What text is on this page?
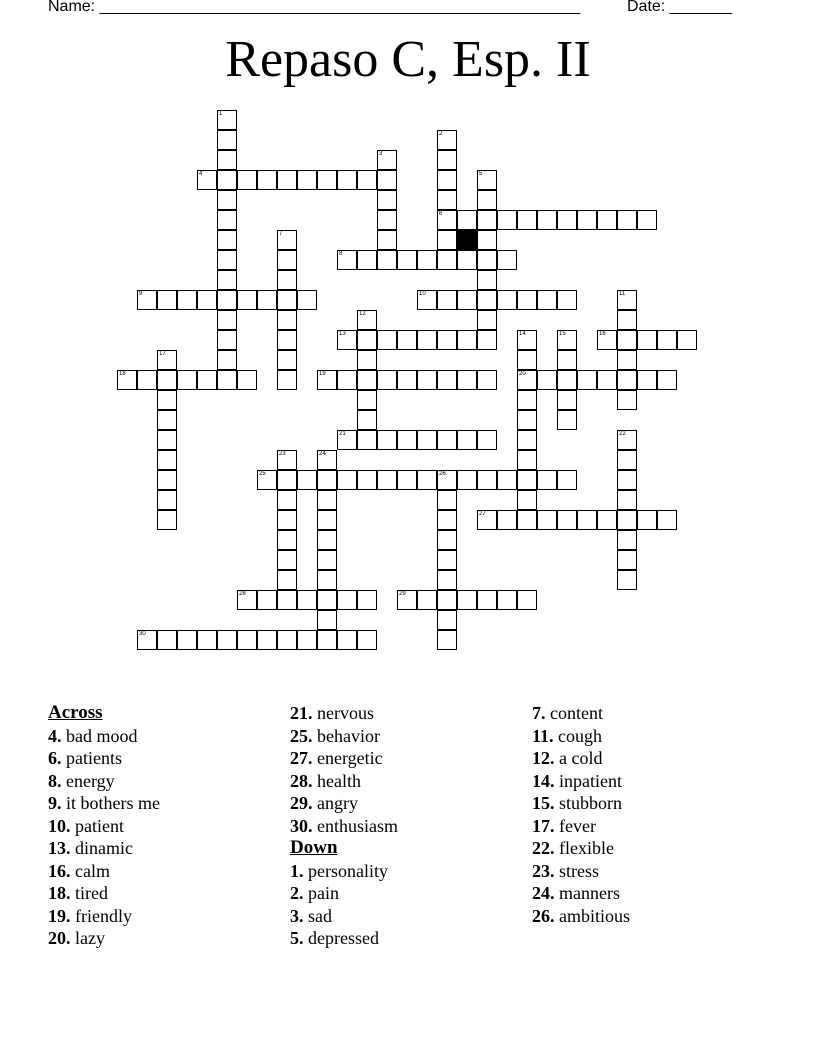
Name: ______________________________________________________	Date: _______
Repaso C, Esp. II
1
2
6
3
4	5
7
8
9	10	11
12
13	14
20
15	16
17
18	19
21	22
23	24
25	26
27
28	29
30
Across
4. bad mood
6. patients
8. energy
9. it bothers me
10. patient
13. dinamic
16. calm
18. tired
19. friendly
20. lazy
21. nervous
25. behavior
27. energetic
28. health
29. angry
30. enthusiasm
Down
1. personality
2. pain
3. sad
5. depressed
7. content
11. cough
12. a cold
14. inpatient
15. stubborn
17. fever
22. flexible
23. stress
24. manners
26. ambitious
